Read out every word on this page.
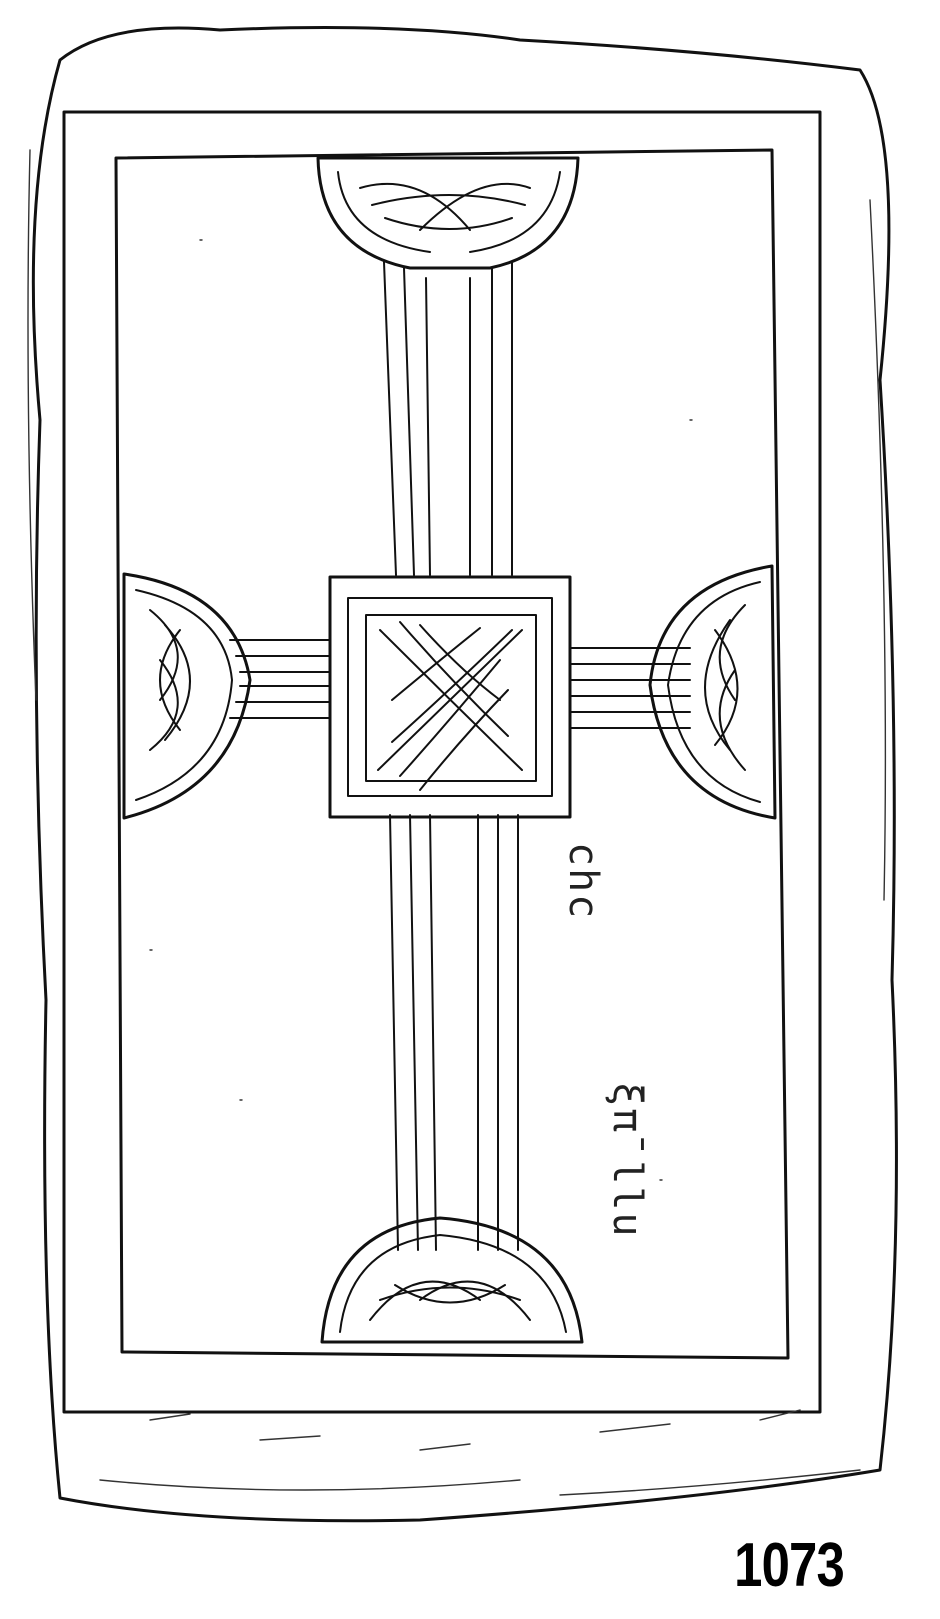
chc
ξπ̄ llu
1073
